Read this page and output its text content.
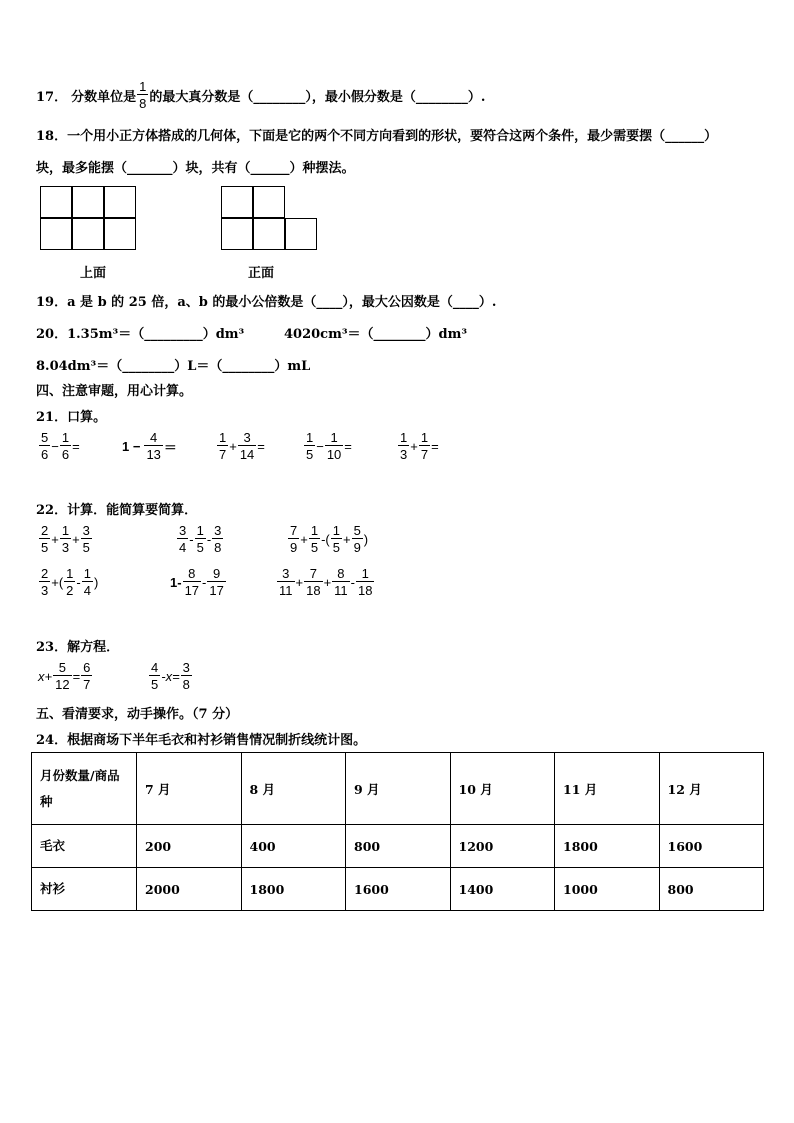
17． 分数单位是 $\frac{1}{8}$ 的最大真分数是（________），最小假分数是（________）.
18．一个用小正方体搭成的几何体，下面是它的两个不同方向看到的形状，要符合这两个条件，最少需要摆（______）
块，最多能摆（_______）块，共有（______）种摆法。
上面	正面
19．a 是 b 的 25 倍，a、b 的最小公倍数是（____），最大公因数是（____）.
20．1.35m³＝（_________）dm³	4020cm³＝（________）dm³
8.04dm³＝（________）L＝（________）mL
四、注意审题，用心计算。
21．口算。
$\frac{5}{6} - \frac{1}{6}$ =	$1 - \frac{4}{13}$ ＝	$\frac{1}{7} + \frac{3}{14}$ =	$\frac{1}{5} - \frac{1}{10}$ =	$\frac{1}{3} + \frac{1}{7}$ =
22．计算．能简算要简算．
$\frac{2}{5} + \frac{1}{3} + \frac{3}{5}$	$\frac{3}{4} - \frac{1}{5} - \frac{3}{8}$	$\frac{7}{9} + \frac{1}{5}$ -( $\frac{1}{5} + \frac{5}{9}$ )
$\frac{2}{3}$ +( $\frac{1}{2} - \frac{1}{4}$ )	$1- \frac{8}{17} - \frac{9}{17}$	$\frac{3}{11} + \frac{7}{18} + \frac{8}{11} - \frac{1}{18}$
23．解方程．
$x+ \frac{5}{12} = \frac{6}{7}$	$\frac{4}{5} -x= \frac{3}{8}$
五、看清要求，动手操作。（7 分）
24．根据商场下半年毛衣和衬衫销售情况制折线统计图。
月份数量/商品种	7 月	8 月	9 月	10 月	11 月	12 月
毛衣	200	400	800	1200	1800	1600
衬衫	2000	1800	1600	1400	1000	800
